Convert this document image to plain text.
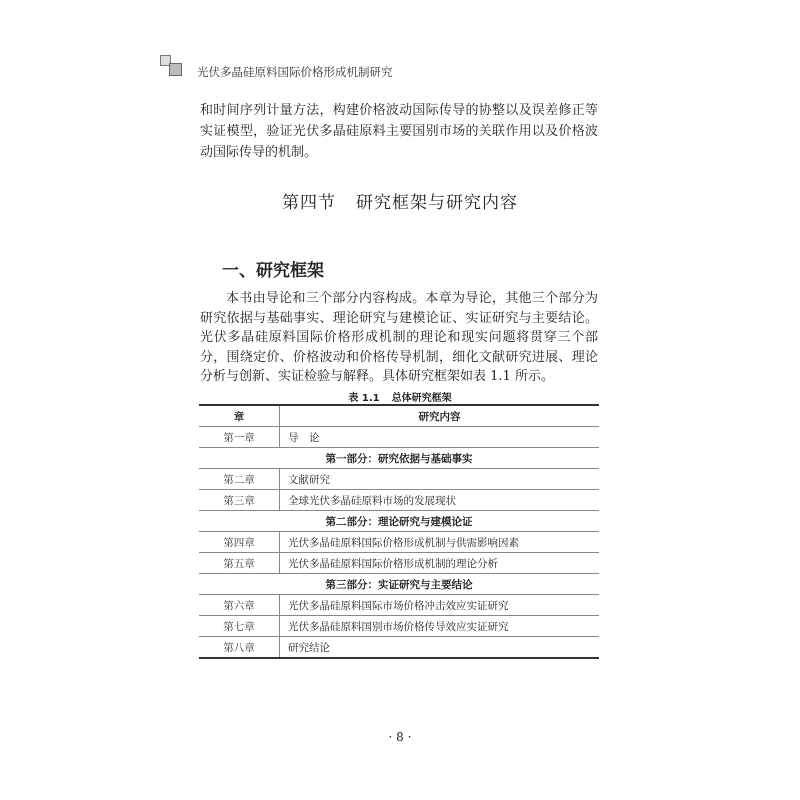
光伏多晶硅原料国际价格形成机制研究
和时间序列计量方法，构建价格波动国际传导的协整以及误差修正等实证模型，验证光伏多晶硅原料主要国别市场的关联作用以及价格波动国际传导的机制。
第四节 研究框架与研究内容
一、研究框架
本书由导论和三个部分内容构成。本章为导论，其他三个部分为研究依据与基础事实、理论研究与建模论证、实证研究与主要结论。光伏多晶硅原料国际价格形成机制的理论和现实问题将贯穿三个部分，围绕定价、价格波动和价格传导机制，细化文献研究进展、理论分析与创新、实证检验与解释。具体研究框架如表 1.1 所示。
表 1.1 总体研究框架
章	研究内容
第一章	导　论
第一部分：研究依据与基础事实	
第二章	文献研究
第三章	全球光伏多晶硅原料市场的发展现状
第二部分：理论研究与建模论证	
第四章	光伏多晶硅原料国际价格形成机制与供需影响因素
第五章	光伏多晶硅原料国际价格形成机制的理论分析
第三部分：实证研究与主要结论	
第六章	光伏多晶硅原料国际市场价格冲击效应实证研究
第七章	光伏多晶硅原料国别市场价格传导效应实证研究
第八章	研究结论
· 8 ·
